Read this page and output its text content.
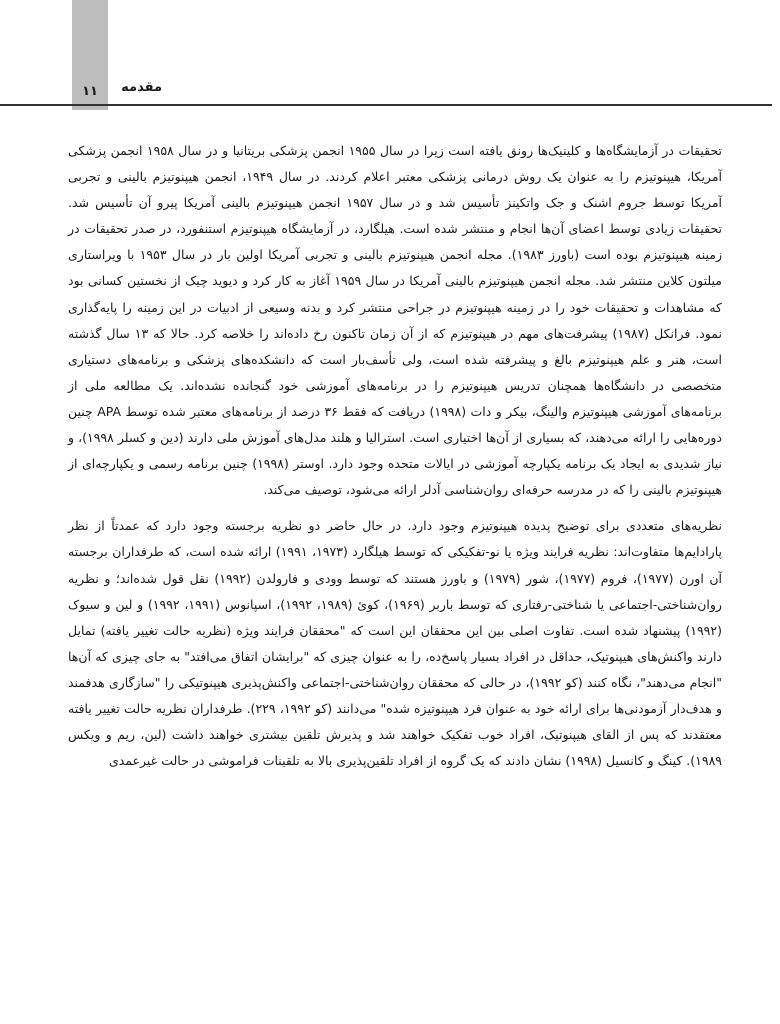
۱۱	مقدمه

تحقیقات در آزمایشگاه‌ها و کلینیک‌ها رونق یافته است زیرا در سال ۱۹۵۵ انجمن پزشکی بریتانیا و در سال ۱۹۵۸ انجمن پزشکی آمریکا، هیپنوتیزم را به عنوان یک روش درمانی پزشکی معتبر اعلام کردند. در سال ۱۹۴۹، انجمن هیپنوتیزم بالینی و تجربی آمریکا توسط جروم اشنک و جک واتکینز تأسیس شد و در سال ۱۹۵۷ انجمن هیپنوتیزم بالینی آمریکا پیرو آن تأسیس شد. تحقیقات زیادی توسط اعضای آن‌ها انجام و منتشر شده است. هیلگارد، در آزمایشگاه هیپنوتیزم استنفورد، در صدر تحقیقات در زمینه هیپنوتیزم بوده است (باورز ۱۹۸۳). مجله انجمن هیپنوتیزم بالینی و تجربی آمریکا اولین بار در سال ۱۹۵۳ با ویراستاری میلتون کلاین منتشر شد. مجله انجمن هیپنوتیزم بالینی آمریکا در سال ۱۹۵۹ آغاز به کار کرد و دیوید چیک از نخستین کسانی بود که مشاهدات و تحقیقات خود را در زمینه هیپنوتیزم در جراحی منتشر کرد و بدنه وسیعی از ادبیات در این زمینه را پایه‌گذاری نمود. فرانکل (۱۹۸۷) پیشرفت‌های مهم در هیپنوتیزم که از آن زمان تاکنون رخ داده‌اند را خلاصه کرد. حالا که ۱۳ سال گذشته است، هنر و علم هیپنوتیزم بالغ و پیشرفته شده است، ولی تأسف‌بار است که دانشکده‌های پزشکی و برنامه‌های دستیاری متخصصی در دانشگاه‌ها همچنان تدریس هیپنوتیزم را در برنامه‌های آموزشی خود گنجانده نشده‌اند. یک مطالعه ملی از برنامه‌های آموزشی هیپنوتیزم والینگ، بیکر و دات (۱۹۹۸) دریافت که فقط ۳۶ درصد از برنامه‌های معتبر شده توسط APA چنین دوره‌هایی را ارائه می‌دهند، که بسیاری از آن‌ها اختیاری است. استرالیا و هلند مدل‌های آموزش ملی دارند (دین و کسلر ۱۹۹۸)، و نیاز شدیدی به ایجاد یک برنامه یکپارچه آموزشی در ایالات متحده وجود دارد. اوستر (۱۹۹۸) چنین برنامه رسمی و یکپارچه‌ای از هیپنوتیزم بالینی را که در مدرسه حرفه‌ای روان‌شناسی آدلر ارائه می‌شود، توصیف می‌کند.

نظریه‌های متعددی برای توضیح پدیده هیپنوتیزم وجود دارد. در حال حاضر دو نظریه برجسته وجود دارد که عمدتاً از نظر پارادایم‌ها متفاوت‌اند: نظریه فرایند ویژه یا نو-تفکیکی که توسط هیلگارد (۱۹۷۳، ۱۹۹۱) ارائه شده است، که طرفداران برجسته آن اورن (۱۹۷۷)، فروم (۱۹۷۷)، شور (۱۹۷۹) و باورز هستند که توسط وودی و فارولدن (۱۹۹۲) نقل قول شده‌اند؛ و نظریه روان‌شناختی-اجتماعی یا شناختی-رفتاری که توسط باربر (۱۹۶۹)، کوئ (۱۹۸۹، ۱۹۹۲)، اسپانوس (۱۹۹۱، ۱۹۹۲) و لین و سیوک (۱۹۹۲) پیشنهاد شده است. تفاوت اصلی بین این محققان این است که "محققان فرایند ویژه (نظریه حالت تغییر یافته) تمایل دارند واکنش‌های هیپنوتیک، حداقل در افراد بسیار پاسخ‌ده، را به عنوان چیزی که "برایشان اتفاق می‌افتد" به جای چیزی که آن‌ها "انجام می‌دهند"، نگاه کنند (کو ۱۹۹۲)، در حالی که محققان روان‌شناختی-اجتماعی واکنش‌پذیری هیپنوتیکی را "سازگاری هدفمند و هدف‌دار آزمودنی‌ها برای ارائه خود به عنوان فرد هیپنوتیزه شده" می‌دانند (کو ۱۹۹۲، ۲۲۹). طرفداران نظریه حالت تغییر یافته معتقدند که پس از القای هیپنوتیک، افراد خوب تفکیک خواهند شد و پذیرش تلقین بیشتری خواهند داشت (لین، ریم و ویکس ۱۹۸۹). کینگ و کانسیل (۱۹۹۸) نشان دادند که یک گروه از افراد تلقین‌پذیری بالا به تلقینات فراموشی در حالت غیرعمدی
